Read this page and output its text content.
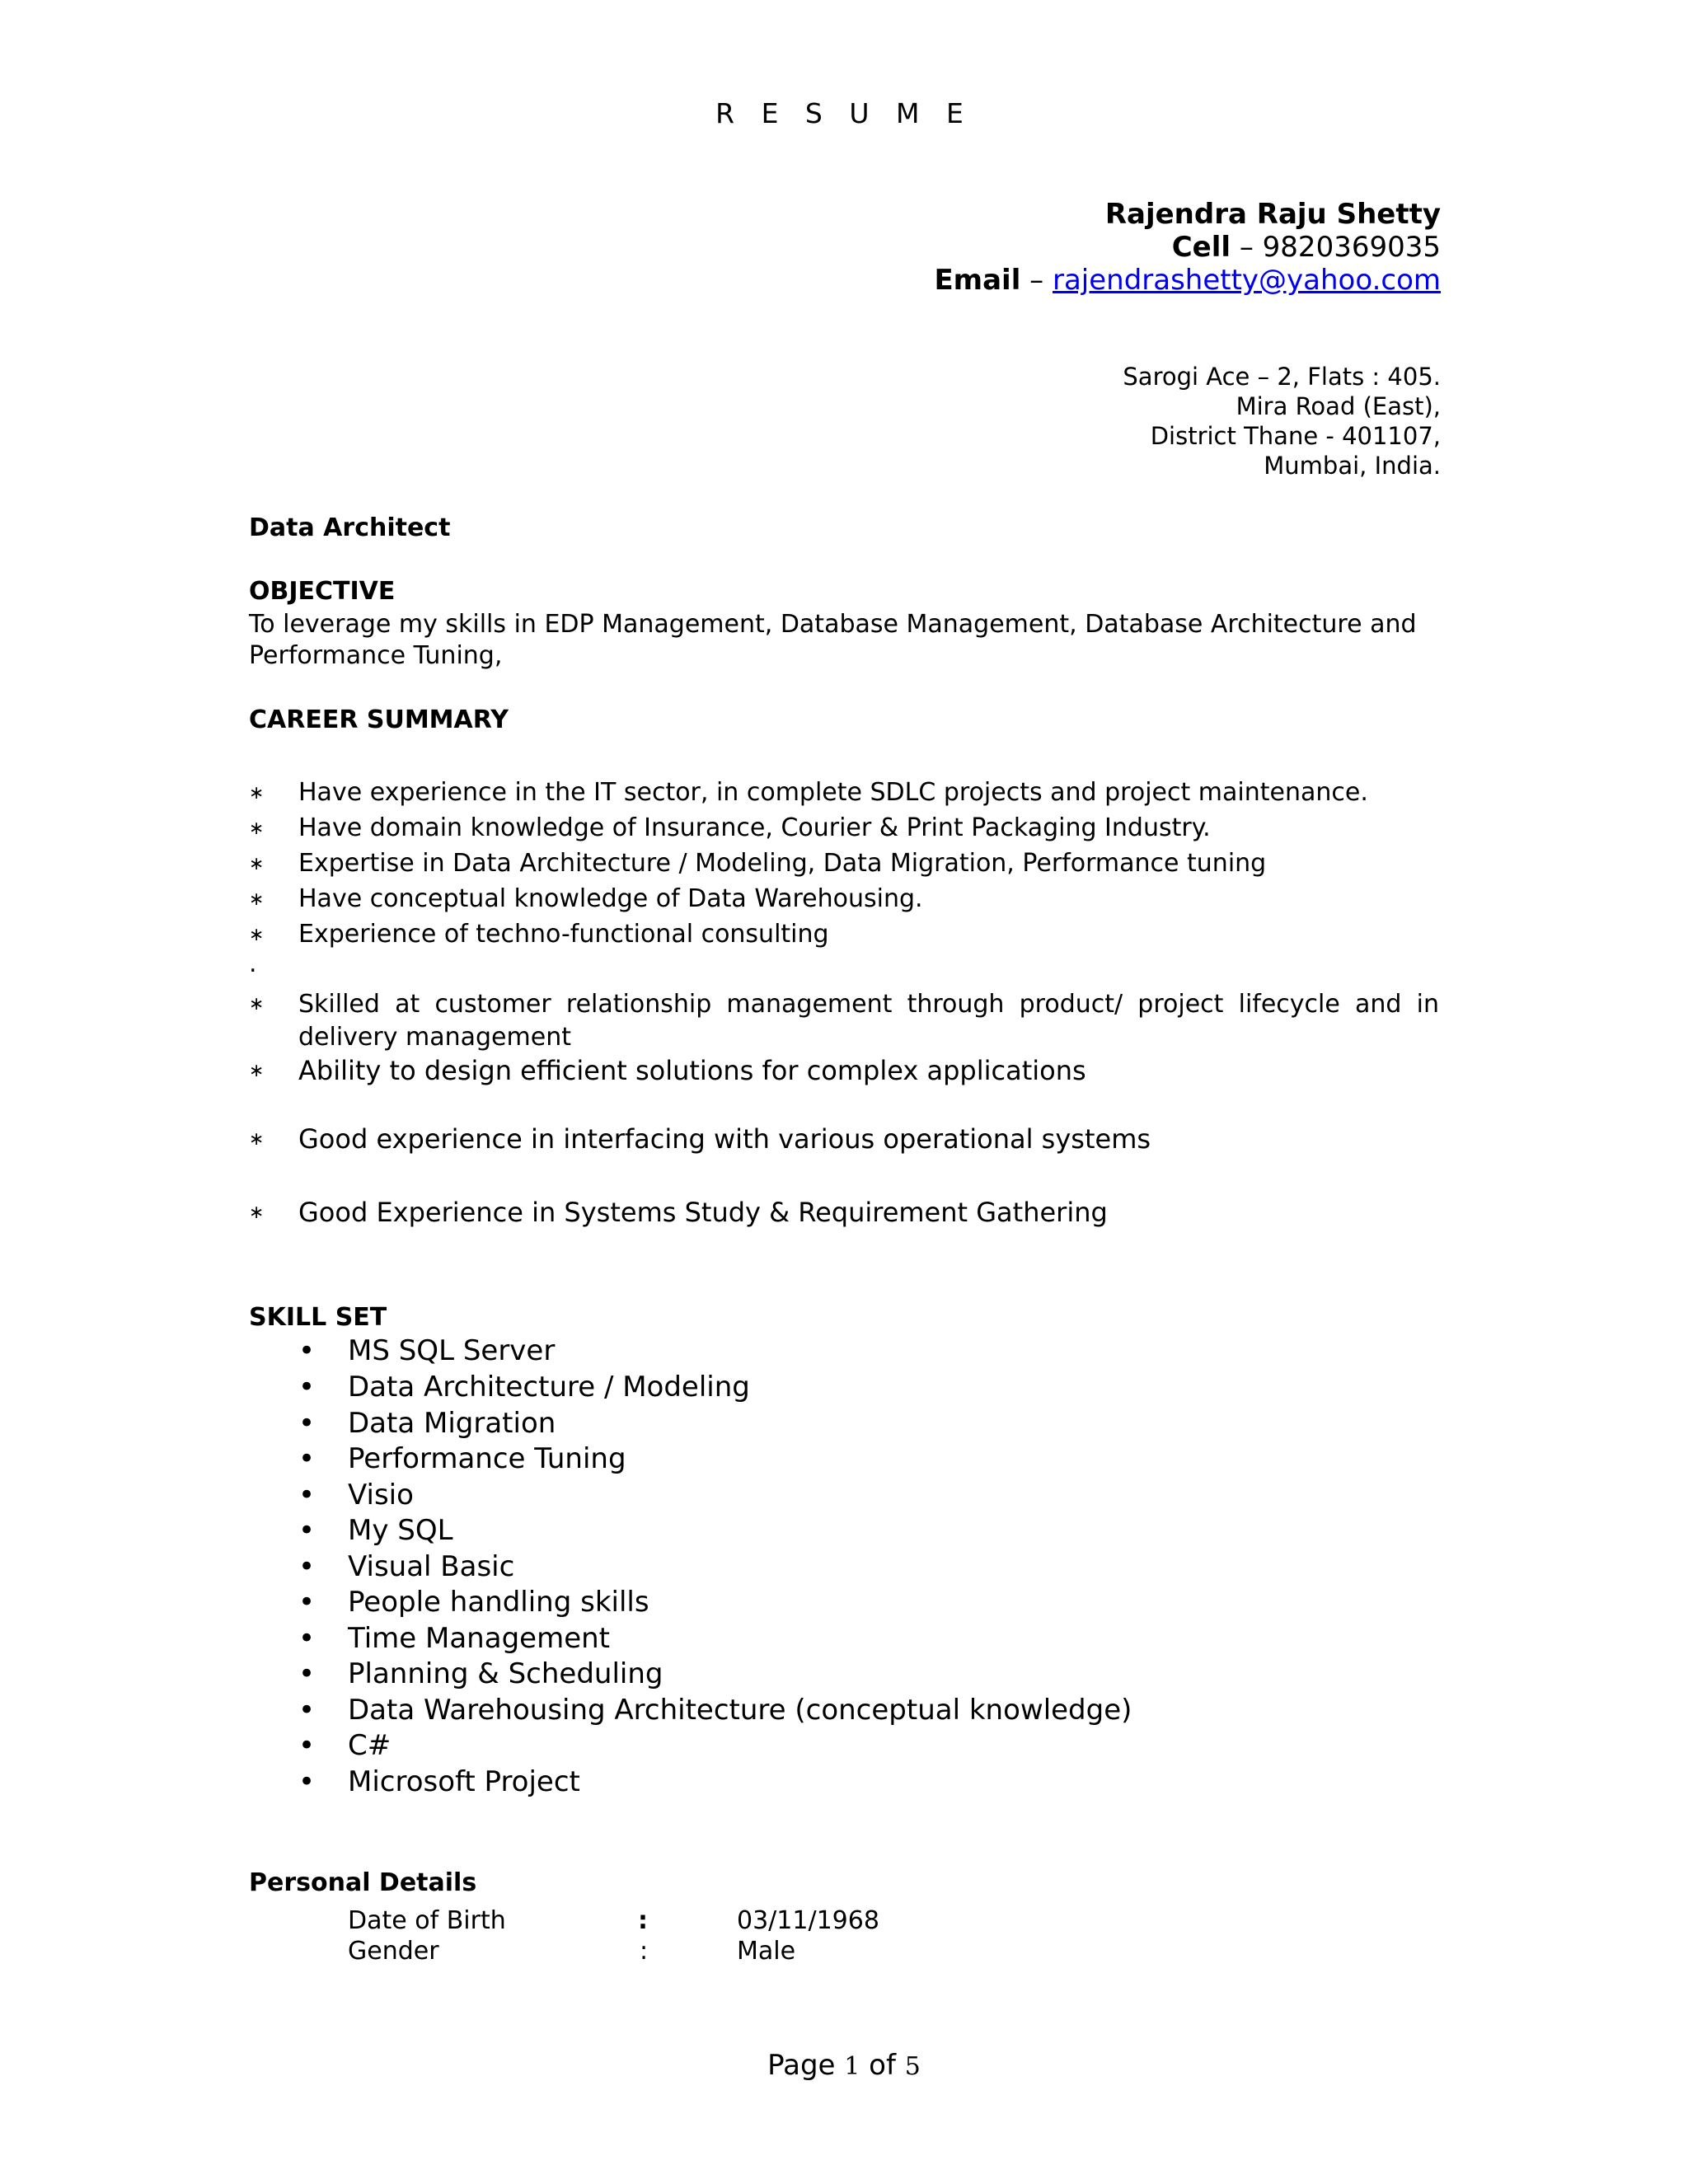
R E S U M E
Rajendra Raju Shetty
Cell – 9820369035
Email – rajendrashetty@yahoo.com
Sarogi Ace – 2, Flats : 405.
Mira Road (East),
District Thane - 401107,
Mumbai, India.
Data Architect
OBJECTIVE
To leverage my skills in EDP Management, Database Management, Database Architecture and Performance Tuning,
CAREER SUMMARY
∗ Have experience in the IT sector, in complete SDLC projects and project maintenance.
∗ Have domain knowledge of Insurance, Courier & Print Packaging Industry.
∗ Expertise in Data Architecture / Modeling, Data Migration, Performance tuning
∗ Have conceptual knowledge of Data Warehousing.
∗ Experience of techno-functional consulting
.
∗ Skilled at customer relationship management through product/ project lifecycle and in delivery management
∗ Ability to design efficient solutions for complex applications
∗ Good experience in interfacing with various operational systems
∗ Good Experience in Systems Study & Requirement Gathering
SKILL SET
• MS SQL Server
• Data Architecture / Modeling
• Data Migration
• Performance Tuning
• Visio
• My SQL
• Visual Basic
• People handling skills
• Time Management
• Planning & Scheduling
• Data Warehousing Architecture (conceptual knowledge)
• C#
• Microsoft Project
Personal Details
Date of Birth	:	03/11/1968
Gender	:	Male
Page 1 of 5
